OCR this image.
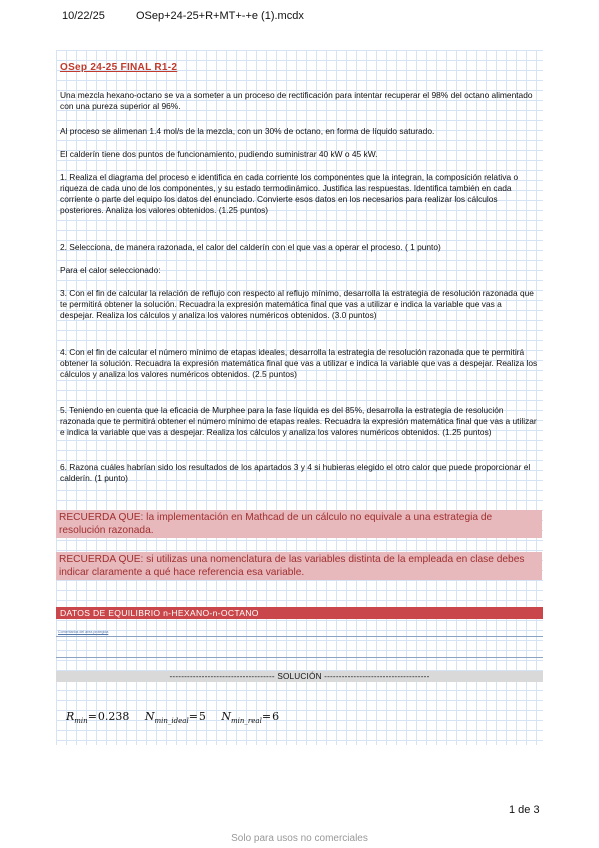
10/22/25	OSep+24-25+R+MT+-+e (1).mcdx
OSep 24-25 FINAL R1-2
Una mezcla hexano-octano se va a someter a un proceso de rectificación para intentar recuperar el 98% del octano alimentado con una pureza superior al 96%.
Al proceso se alimenan 1.4 mol/s de la mezcla, con un 30% de octano, en forma de líquido saturado.
El calderín tiene dos puntos de funcionamiento, pudiendo suministrar 40 kW o 45 kW.
1. Realiza el diagrama del proceso e identifica en cada corriente los componentes que la integran, la composición relativa o riqueza de cada uno de los componentes, y su estado termodinámico. Justifica las respuestas. Identifica también en cada corriente o parte del equipo los datos del enunciado. Convierte esos datos en los necesarios para realizar los cálculos posteriores. Analiza los valores obtenidos. (1.25 puntos)
2. Selecciona, de manera razonada, el calor del calderín con el que vas a operar el proceso. ( 1 punto)
Para el calor seleccionado:
3. Con el fin de calcular la relación de reflujo con respecto al reflujo mínimo, desarrolla la estrategia de resolución razonada que te permitirá obtener la solución. Recuadra la expresión matemática final que vas a utilizar e indica la variable que vas a despejar. Realiza los cálculos y analiza los valores numéricos obtenidos. (3.0 puntos)
4. Con el fin de calcular el número mínimo de etapas ideales, desarrolla la estrategia de resolución razonada que te permitirá obtener la solución. Recuadra la expresión matemática final que vas a utilizar e indica la variable que vas a despejar. Realiza los cálculos y analiza los valores numéricos obtenidos. (2.5 puntos)
5. Teniendo en cuenta que la eficacia de Murphee para la fase líquida es del 85%, desarrolla la estrategia de resolución razonada que te permitirá obtener el número mínimo de etapas reales. Recuadra la expresión matemática final que vas a utilizar e indica la variable que vas a despejar. Realiza los cálculos y analiza los valores numéricos obtenidos. (1.25 puntos)
6. Razona cuáles habrían sido los resultados de los apartados 3 y 4 si hubieras elegido el otro calor que puede proporcionar el calderín. (1 punto)
RECUERDA QUE: la implementación en Mathcad de un cálculo no equivale a una estrategia de resolución razonada.
RECUERDA QUE: si utilizas una nomenclatura de las variables distinta de la empleada en clase debes indicar claramente a qué hace referencia esa variable.
DATOS DE EQUILIBRIO n-HEXANO-n-OCTANO
Comentarios del área protegida
------------------------------------ SOLUCIÓN ------------------------------------
$R_{min}=0.238$ $N_{min\_ideal}=5$ $N_{min\_real}=6$
1 de 3
Solo para usos no comerciales
